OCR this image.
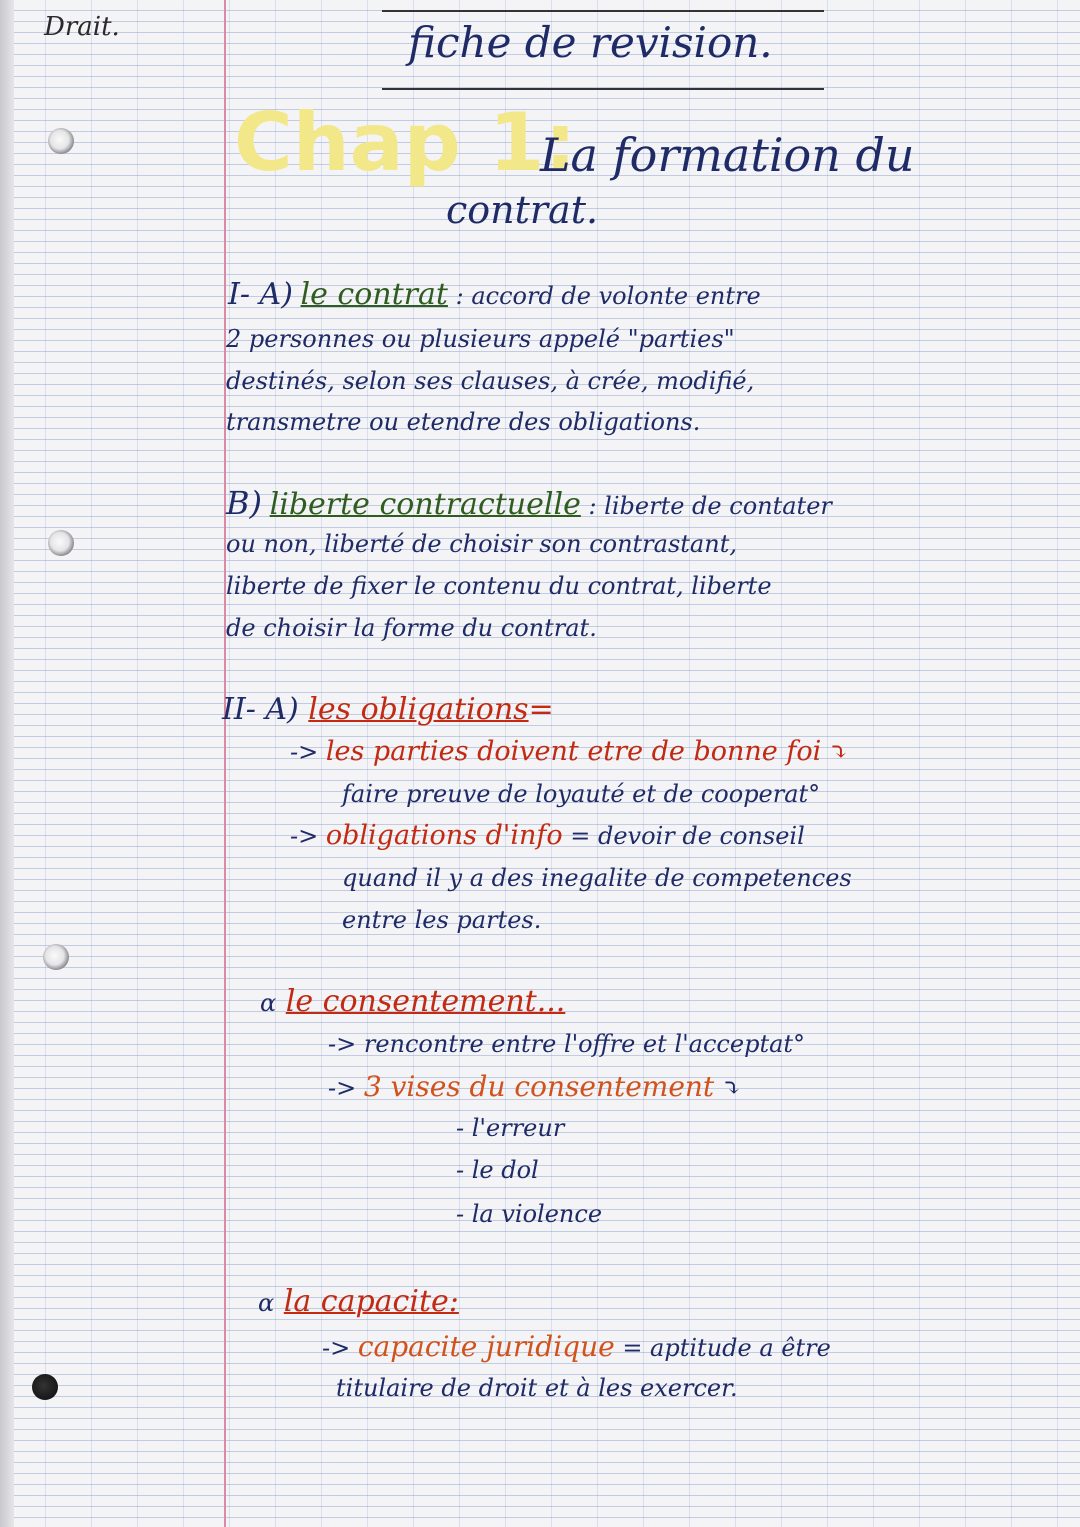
Drait.	fiche de revision.
Chap 1:
La formation du
contrat.
I- A) le contrat : accord de volonte entre
2 personnes ou plusieurs appelé "parties"
destinés, selon ses clauses, à crée, modifié,
transmetre ou etendre des obligations.
B) liberte contractuelle : liberte de contater
ou non, liberté de choisir son contrastant,
liberte de fixer le contenu du contrat, liberte
de choisir la forme du contrat.
II- A) les obligations=
-> les parties doivent etre de bonne foi ⤵
faire preuve de loyauté et de cooperat°
-> obligations d'info = devoir de conseil
quand il y a des inegalite de competences
entre les partes.
α le consentement...
-> rencontre entre l'offre et l'acceptat°
-> 3 vises du consentement ⤵
- l'erreur
- le dol
- la violence
α la capacite:
-> capacite juridique = aptitude a être
titulaire de droit et à les exercer.
